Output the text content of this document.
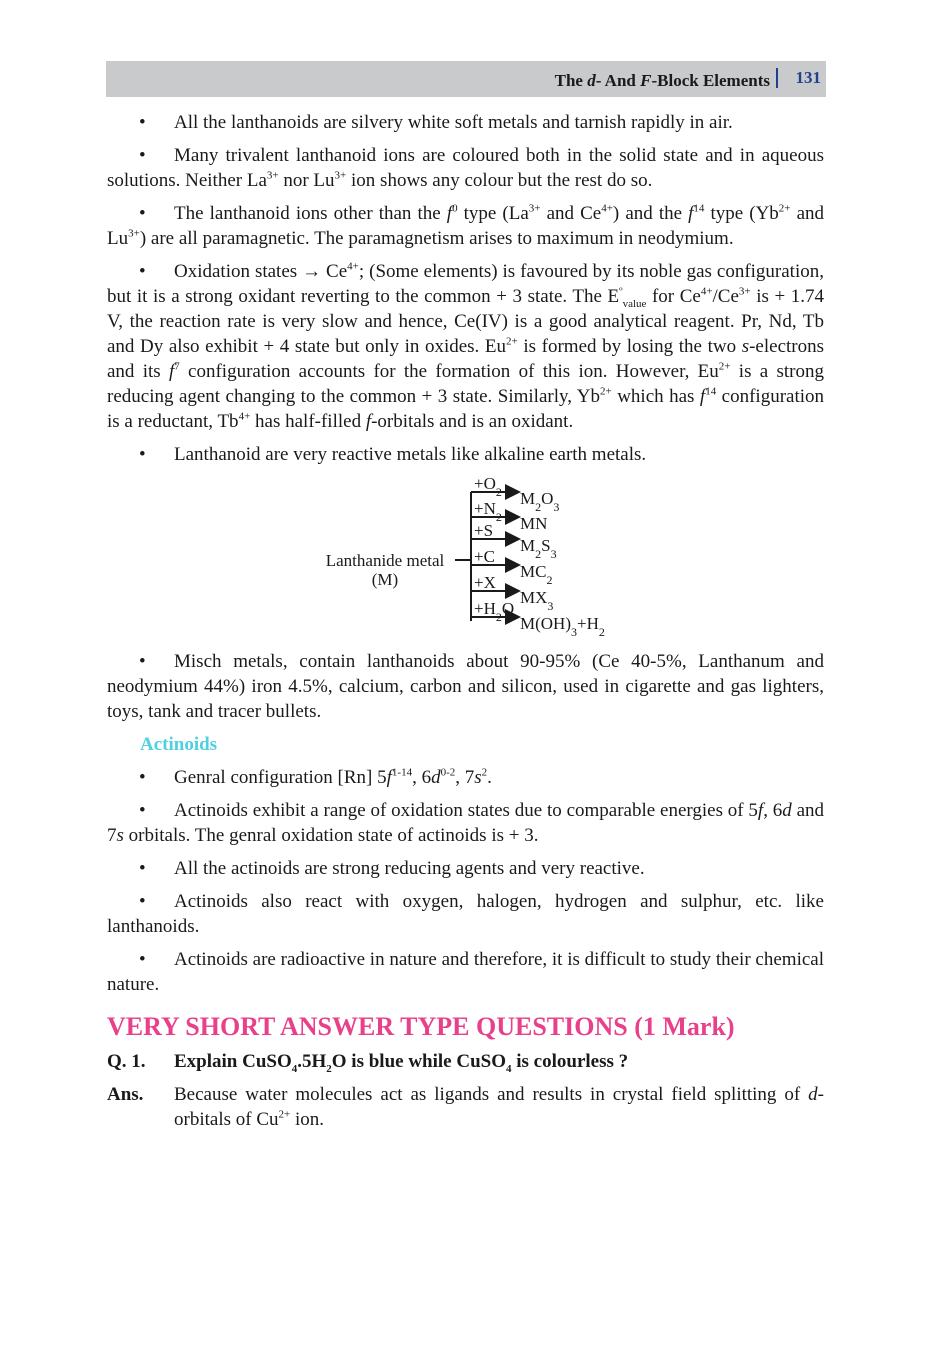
The d- And F-Block Elements 131
• All the lanthanoids are silvery white soft metals and tarnish rapidly in air.
• Many trivalent lanthanoid ions are coloured both in the solid state and in aqueous solutions. Neither $La^{3+}$ nor $Lu^{3+}$ ion shows any colour but the rest do so.
• The lanthanoid ions other than the $f^0$ type ($La^{3+}$ and $Ce^{4+}$) and the $f^{14}$ type ($Yb^{2+}$ and $Lu^{3+}$) are all paramagnetic. The paramagnetism arises to maximum in neodymium.
• Oxidation states → $Ce^{4+}$; (Some elements) is favoured by its noble gas configuration, but it is a strong oxidant reverting to the common + 3 state. The $E^º_{value}$ for $Ce^{4+}/Ce^{3+}$ is + 1.74 V, the reaction rate is very slow and hence, Ce(IV) is a good analytical reagent. Pr, Nd, Tb and Dy also exhibit + 4 state but only in oxides. $Eu^{2+}$ is formed by losing the two s-electrons and its $f^7$ configuration accounts for the formation of this ion. However, $Eu^{2+}$ is a strong reducing agent changing to the common + 3 state. Similarly, $Yb^{2+}$ which has $f^{14}$ configuration is a reductant, $Tb^{4+}$ has half-filled f-orbitals and is an oxidant.
• Lanthanoid are very reactive metals like alkaline earth metals.
Lanthanide metal
(M)
$+O_2$ $M_2O_3$
$+N_2$ MN
+S
$M_2S_3$
+C
$MC_2$
+X
$MX_3$
$+H_2O$
$M(OH)_3+H_2$
• Misch metals, contain lanthanoids about 90-95% (Ce 40-5%, Lanthanum and neodymium 44%) iron 4.5%, calcium, carbon and silicon, used in cigarette and gas lighters, toys, tank and tracer bullets.
Actinoids
• Genral configuration [Rn] $5f^{1-14}$, $6d^{0-2}$, $7s^2$.
• Actinoids exhibit a range of oxidation states due to comparable energies of 5f, 6d and 7s orbitals. The genral oxidation state of actinoids is + 3.
• All the actinoids are strong reducing agents and very reactive.
• Actinoids also react with oxygen, halogen, hydrogen and sulphur, etc. like lanthanoids.
• Actinoids are radioactive in nature and therefore, it is difficult to study their chemical nature.
VERY SHORT ANSWER TYPE QUESTIONS (1 Mark)
Q. 1. Explain $CuSO_4.5H_2O$ is blue while CuSO$_4$ is colourless ?
Ans. Because water molecules act as ligands and results in crystal field splitting of d-orbitals of $Cu^{2+}$ ion.
